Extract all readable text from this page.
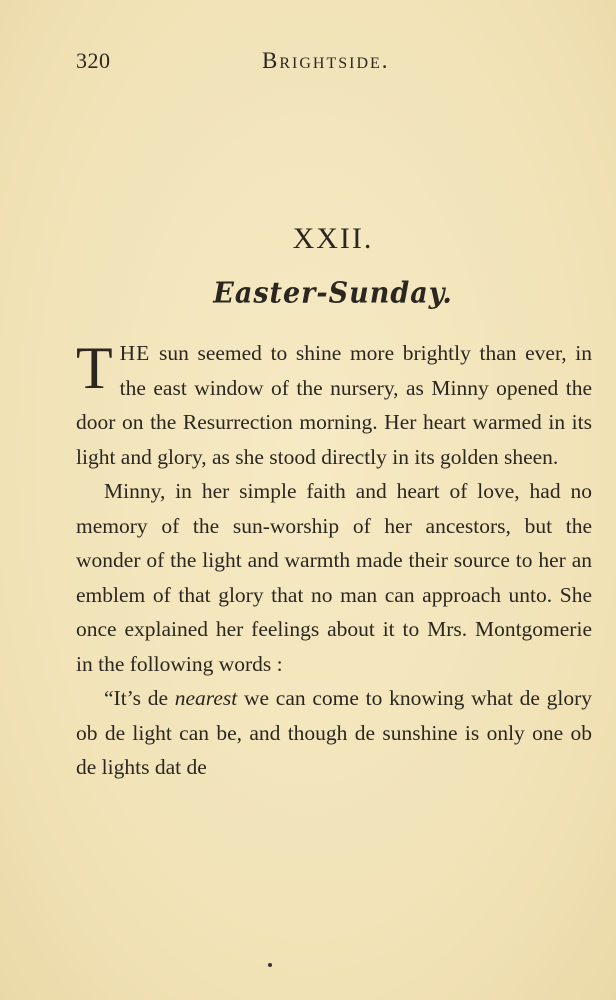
320	Brightside.
XXII.
Easter-Sunday.

THE sun seemed to shine more brightly than ever, in the east window of the nursery, as Minny opened the door on the Resurrection morning. Her heart warmed in its light and glory, as she stood directly in its golden sheen.

Minny, in her simple faith and heart of love, had no memory of the sun-worship of her ancestors, but the wonder of the light and warmth made their source to her an emblem of that glory that no man can approach unto. She once explained her feelings about it to Mrs. Montgomerie in the following words :

“It’s de nearest we can come to knowing what de glory ob de light can be, and though de sunshine is only one ob de lights dat de
